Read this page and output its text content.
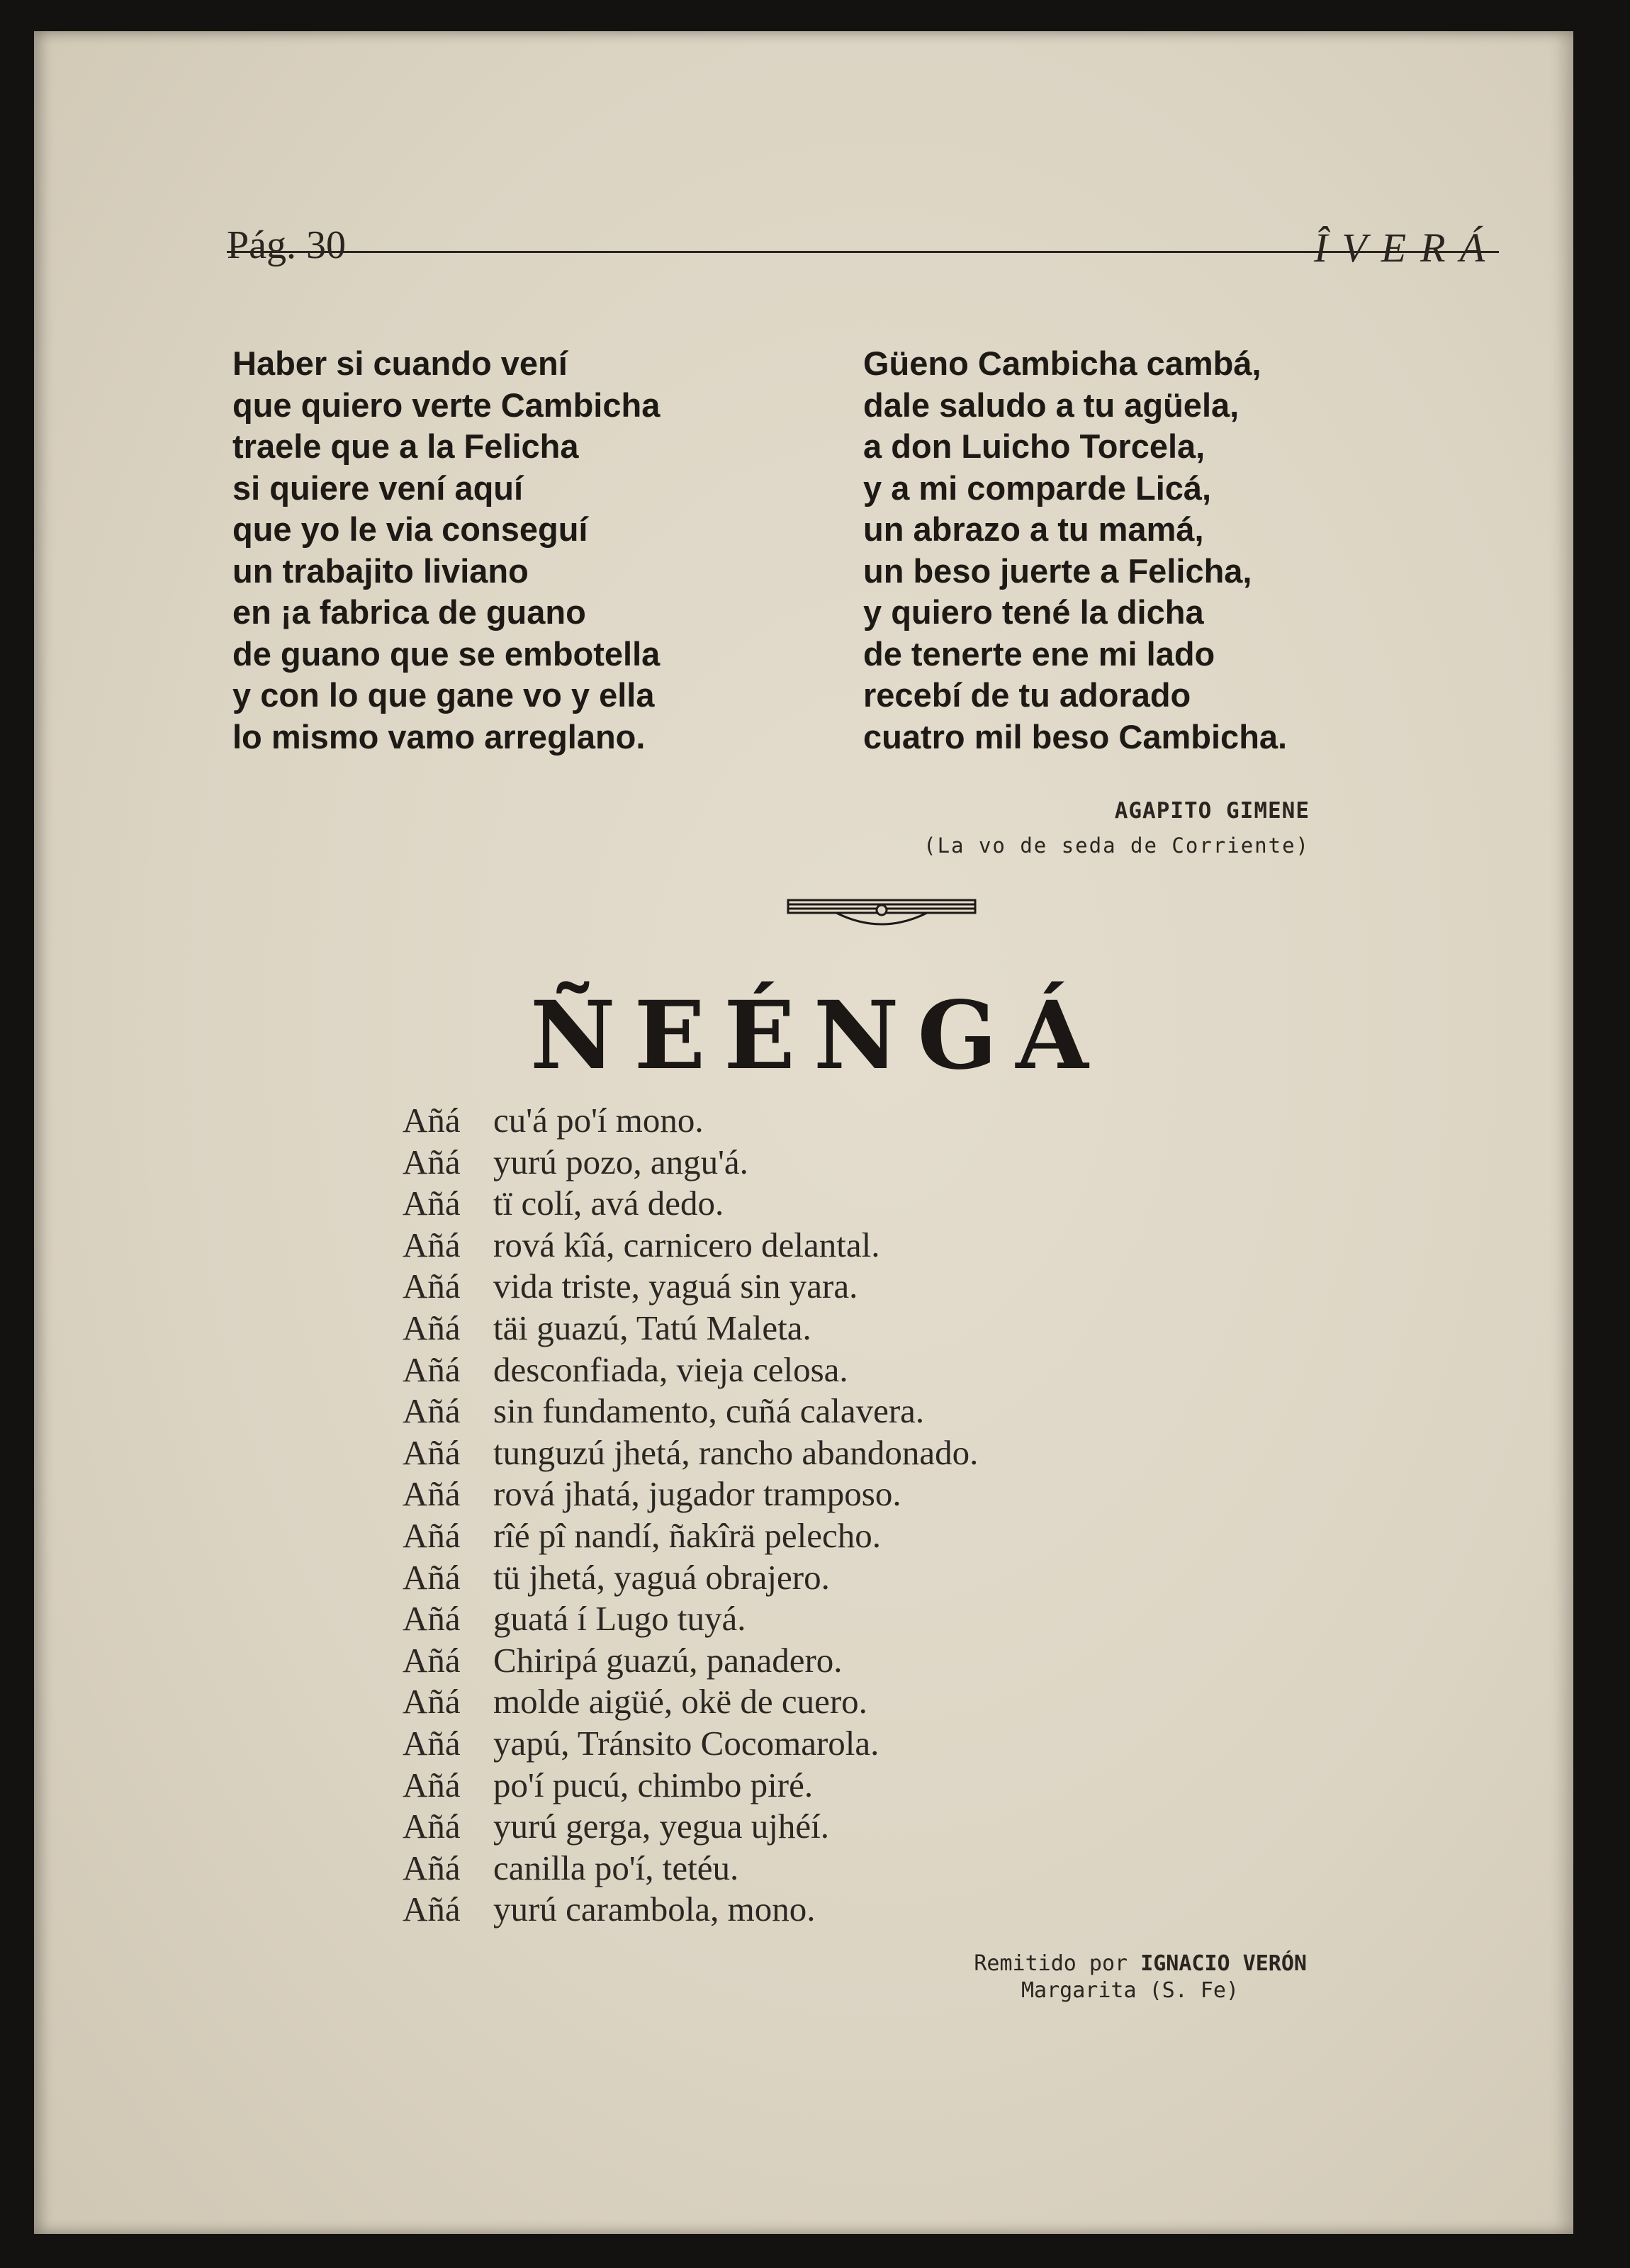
Pág. 30	ÎVERÁ
Haber si cuando vení
que quiero verte Cambicha
traele que a la Felicha
si quiere vení aquí
que yo le via conseguí
un trabajito liviano
en ¡a fabrica de guano
de guano que se embotella
y con lo que gane vo y ella
lo mismo vamo arreglano.
Güeno Cambicha cambá,
dale saludo a tu agüela,
a don Luicho Torcela,
y a mi comparde Licá,
un abrazo a tu mamá,
un beso juerte a Felicha,
y quiero tené la dicha
de tenerte ene mi lado
recebí de tu adorado
cuatro mil beso Cambicha.
AGAPITO GIMENE
(La vo de seda de Corriente)
ÑEÉNGÁ
Añá cu'á po'í mono.
Añá yurú pozo, angu'á.
Añá tï colí, avá dedo.
Añá rová kîá, carnicero delantal.
Añá vida triste, yaguá sin yara.
Añá täi guazú, Tatú Maleta.
Añá desconfiada, vieja celosa.
Añá sin fundamento, cuñá calavera.
Añá tunguzú jhetá, rancho abandonado.
Añá rová jhatá, jugador tramposo.
Añá rîé pî nandí, ñakîrä pelecho.
Añá tü jhetá, yaguá obrajero.
Añá guatá í Lugo tuyá.
Añá Chiripá guazú, panadero.
Añá molde aigüé, okë de cuero.
Añá yapú, Tránsito Cocomarola.
Añá po'í pucú, chimbo piré.
Añá yurú gerga, yegua ujhéí.
Añá canilla po'í, tetéu.
Añá yurú carambola, mono.
Remitido por IGNACIO VERÓN
Margarita (S. Fe)
